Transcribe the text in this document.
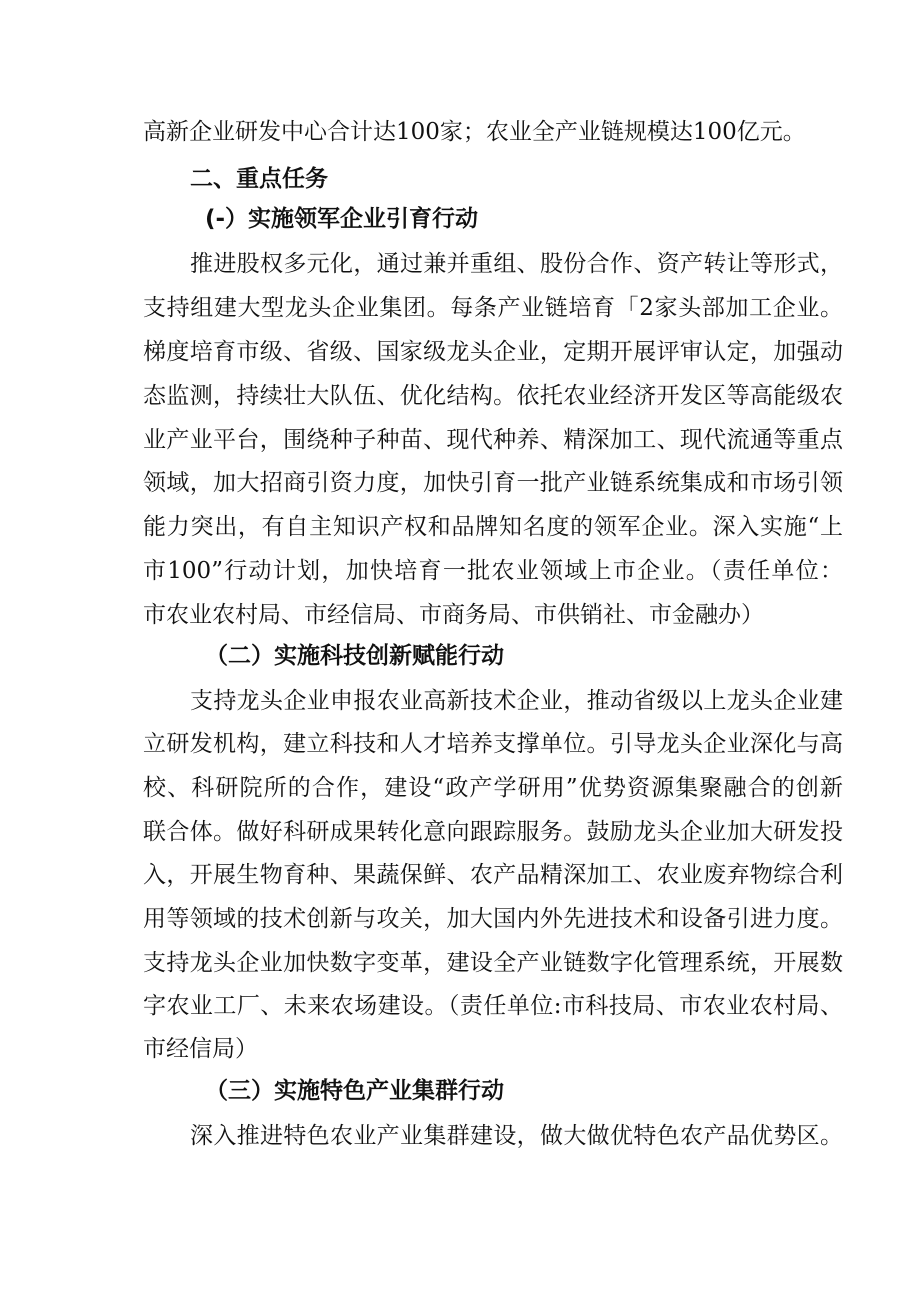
高新企业研发中心合计达100家；农业全产业链规模达100亿元。
二、重点任务
(-）实施领军企业引育行动
推进股权多元化，通过兼并重组、股份合作、资产转让等形式，
支持组建大型龙头企业集团。每条产业链培育「2家头部加工企业。
梯度培育市级、省级、国家级龙头企业，定期开展评审认定，加强动
态监测，持续壮大队伍、优化结构。依托农业经济开发区等高能级农
业产业平台，围绕种子种苗、现代种养、精深加工、现代流通等重点
领域，加大招商引资力度，加快引育一批产业链系统集成和市场引领
能力突出，有自主知识产权和品牌知名度的领军企业。深入实施“上
市100”行动计划，加快培育一批农业领域上市企业。（责任单位：
市农业农村局、市经信局、市商务局、市供销社、市金融办）
（二）实施科技创新赋能行动
支持龙头企业申报农业高新技术企业，推动省级以上龙头企业建
立研发机构，建立科技和人才培养支撑单位。引导龙头企业深化与高
校、科研院所的合作，建设“政产学研用”优势资源集聚融合的创新
联合体。做好科研成果转化意向跟踪服务。鼓励龙头企业加大研发投
入，开展生物育种、果蔬保鲜、农产品精深加工、农业废弃物综合利
用等领域的技术创新与攻关，加大国内外先进技术和设备引进力度。
支持龙头企业加快数字变革，建设全产业链数字化管理系统，开展数
字农业工厂、未来农场建设。（责任单位:市科技局、市农业农村局、
市经信局）
（三）实施特色产业集群行动
深入推进特色农业产业集群建设，做大做优特色农产品优势区。
